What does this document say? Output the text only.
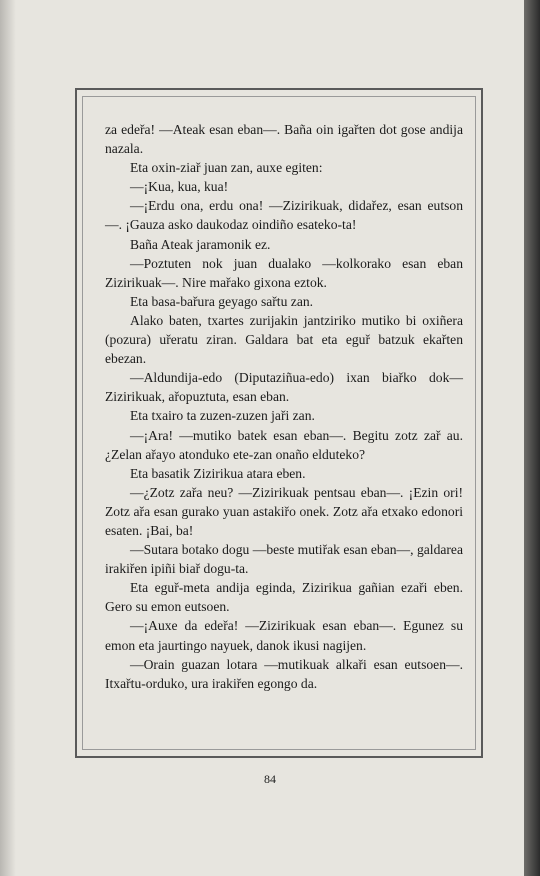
za edeřa! —Ateak esan eban—. Baña oin igařten dot gose andija nazala.

Eta oxin-ziař juan zan, auxe egiten:

—¡Kua, kua, kua!

—¡Erdu ona, erdu ona! —Zizirikuak, didařez, esan eutson—. ¡Gauza asko daukodaz oindiño esateko-ta!

Baña Ateak jaramonik ez.

—Poztuten nok juan dualako —kolkorako esan eban Zizirikuak—. Nire mařako gixona eztok.

Eta basa-bařura geyago sařtu zan.

Alako baten, txartes zurijakin jantziriko mutiko bi oxiñera (pozura) uřeratu ziran. Galdara bat eta eguř batzuk ekařten ebezan.

—Aldundija-edo (Diputaziñua-edo) ixan biařko dok— Zizirikuak, ařopuztuta, esan eban.

Eta txairo ta zuzen-zuzen jaři zan.

—¡Ara! —mutiko batek esan eban—. Begitu zotz zař au. ¿Zelan ařayo atonduko ete-zan onaño elduteko?

Eta basatik Zizirikua atara eben.

—¿Zotz zařa neu? —Zizirikuak pentsau eban—. ¡Ezin ori! Zotz ařa esan gurako yuan astakiřo onek. Zotz ařa etxako edonori esaten. ¡Bai, ba!

—Sutara botako dogu —beste mutiřak esan eban—, galdarea irakiřen ipiñi biař dogu-ta.

Eta eguř-meta andija eginda, Zizirikua gañian ezaři eben. Gero su emon eutsoen.

—¡Auxe da edeřa! —Zizirikuak esan eban—. Egunez su emon eta jaurtingo nayuek, danok ikusi nagijen.

—Orain guazan lotara —mutikuak alkaři esan eutsoen—. Itxařtu-orduko, ura irakiřen egongo da.

84
